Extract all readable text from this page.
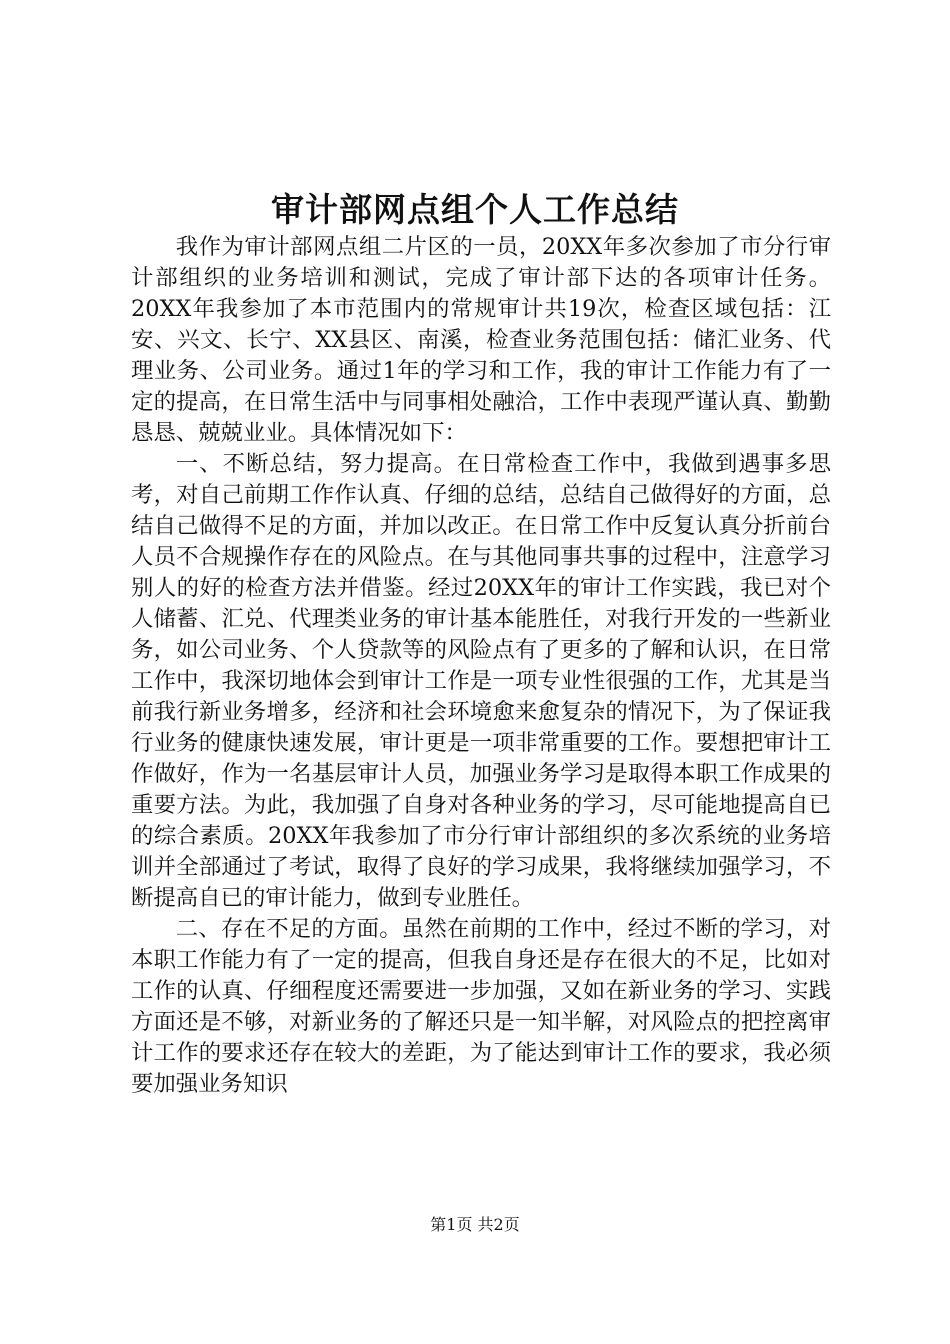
审计部网点组个人工作总结

我作为审计部网点组二片区的一员，20XX年多次参加了市分行审计部组织的业务培训和测试，完成了审计部下达的各项审计任务。20XX年我参加了本市范围内的常规审计共19次，检查区域包括：江安、兴文、长宁、XX县区、南溪，检查业务范围包括：储汇业务、代理业务、公司业务。通过1年的学习和工作，我的审计工作能力有了一定的提高，在日常生活中与同事相处融洽，工作中表现严谨认真、勤勤恳恳、兢兢业业。具体情况如下：

一、不断总结，努力提高。在日常检查工作中，我做到遇事多思考，对自己前期工作作认真、仔细的总结，总结自己做得好的方面，总结自己做得不足的方面，并加以改正。在日常工作中反复认真分折前台人员不合规操作存在的风险点。在与其他同事共事的过程中，注意学习别人的好的检查方法并借鉴。经过20XX年的审计工作实践，我已对个人储蓄、汇兑、代理类业务的审计基本能胜任，对我行开发的一些新业务，如公司业务、个人贷款等的风险点有了更多的了解和认识，在日常工作中，我深切地体会到审计工作是一项专业性很强的工作，尤其是当前我行新业务增多，经济和社会环境愈来愈复杂的情况下，为了保证我行业务的健康快速发展，审计更是一项非常重要的工作。要想把审计工作做好，作为一名基层审计人员，加强业务学习是取得本职工作成果的重要方法。为此，我加强了自身对各种业务的学习，尽可能地提高自已的综合素质。20XX年我参加了市分行审计部组织的多次系统的业务培训并全部通过了考试，取得了良好的学习成果，我将继续加强学习，不断提高自已的审计能力，做到专业胜任。

二、存在不足的方面。虽然在前期的工作中，经过不断的学习，对本职工作能力有了一定的提高，但我自身还是存在很大的不足，比如对工作的认真、仔细程度还需要进一步加强，又如在新业务的学习、实践方面还是不够，对新业务的了解还只是一知半解，对风险点的把控离审计工作的要求还存在较大的差距，为了能达到审计工作的要求，我必须要加强业务知识

第1页 共2页
